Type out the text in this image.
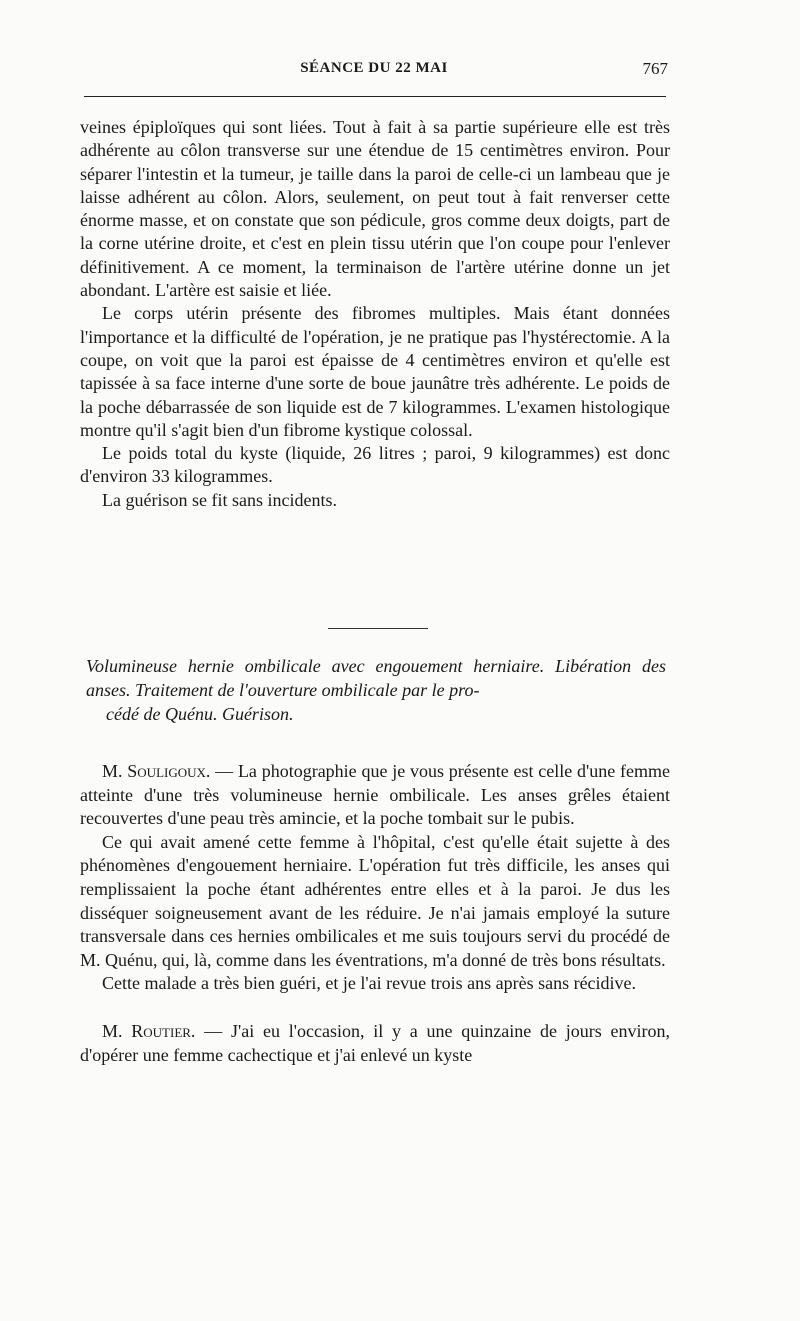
SÉANCE DU 22 MAI	767

veines épiploïques qui sont liées. Tout à fait à sa partie supérieure elle est très adhérente au côlon transverse sur une étendue de 15 centimètres environ. Pour séparer l'intestin et la tumeur, je taille dans la paroi de celle-ci un lambeau que je laisse adhérent au côlon. Alors, seulement, on peut tout à fait renverser cette énorme masse, et on constate que son pédicule, gros comme deux doigts, part de la corne utérine droite, et c'est en plein tissu utérin que l'on coupe pour l'enlever définitivement. A ce moment, la terminaison de l'artère utérine donne un jet abondant. L'artère est saisie et liée.

Le corps utérin présente des fibromes multiples. Mais étant données l'importance et la difficulté de l'opération, je ne pratique pas l'hystérectomie. A la coupe, on voit que la paroi est épaisse de 4 centimètres environ et qu'elle est tapissée à sa face interne d'une sorte de boue jaunâtre très adhérente. Le poids de la poche débarrassée de son liquide est de 7 kilogrammes. L'examen histologique montre qu'il s'agit bien d'un fibrome kystique colossal.

Le poids total du kyste (liquide, 26 litres ; paroi, 9 kilogrammes) est donc d'environ 33 kilogrammes.

La guérison se fit sans incidents.

Volumineuse hernie ombilicale avec engouement herniaire. Libération des anses. Traitement de l'ouverture ombilicale par le pro-
cédé de Quénu. Guérison.

M. Souligoux. — La photographie que je vous présente est celle d'une femme atteinte d'une très volumineuse hernie ombilicale. Les anses grêles étaient recouvertes d'une peau très amincie, et la poche tombait sur le pubis.

Ce qui avait amené cette femme à l'hôpital, c'est qu'elle était sujette à des phénomènes d'engouement herniaire. L'opération fut très difficile, les anses qui remplissaient la poche étant adhérentes entre elles et à la paroi. Je dus les disséquer soigneusement avant de les réduire. Je n'ai jamais employé la suture transversale dans ces hernies ombilicales et me suis toujours servi du procédé de M. Quénu, qui, là, comme dans les éventrations, m'a donné de très bons résultats.

Cette malade a très bien guéri, et je l'ai revue trois ans après sans récidive.

M. Routier. — J'ai eu l'occasion, il y a une quinzaine de jours environ, d'opérer une femme cachectique et j'ai enlevé un kyste
